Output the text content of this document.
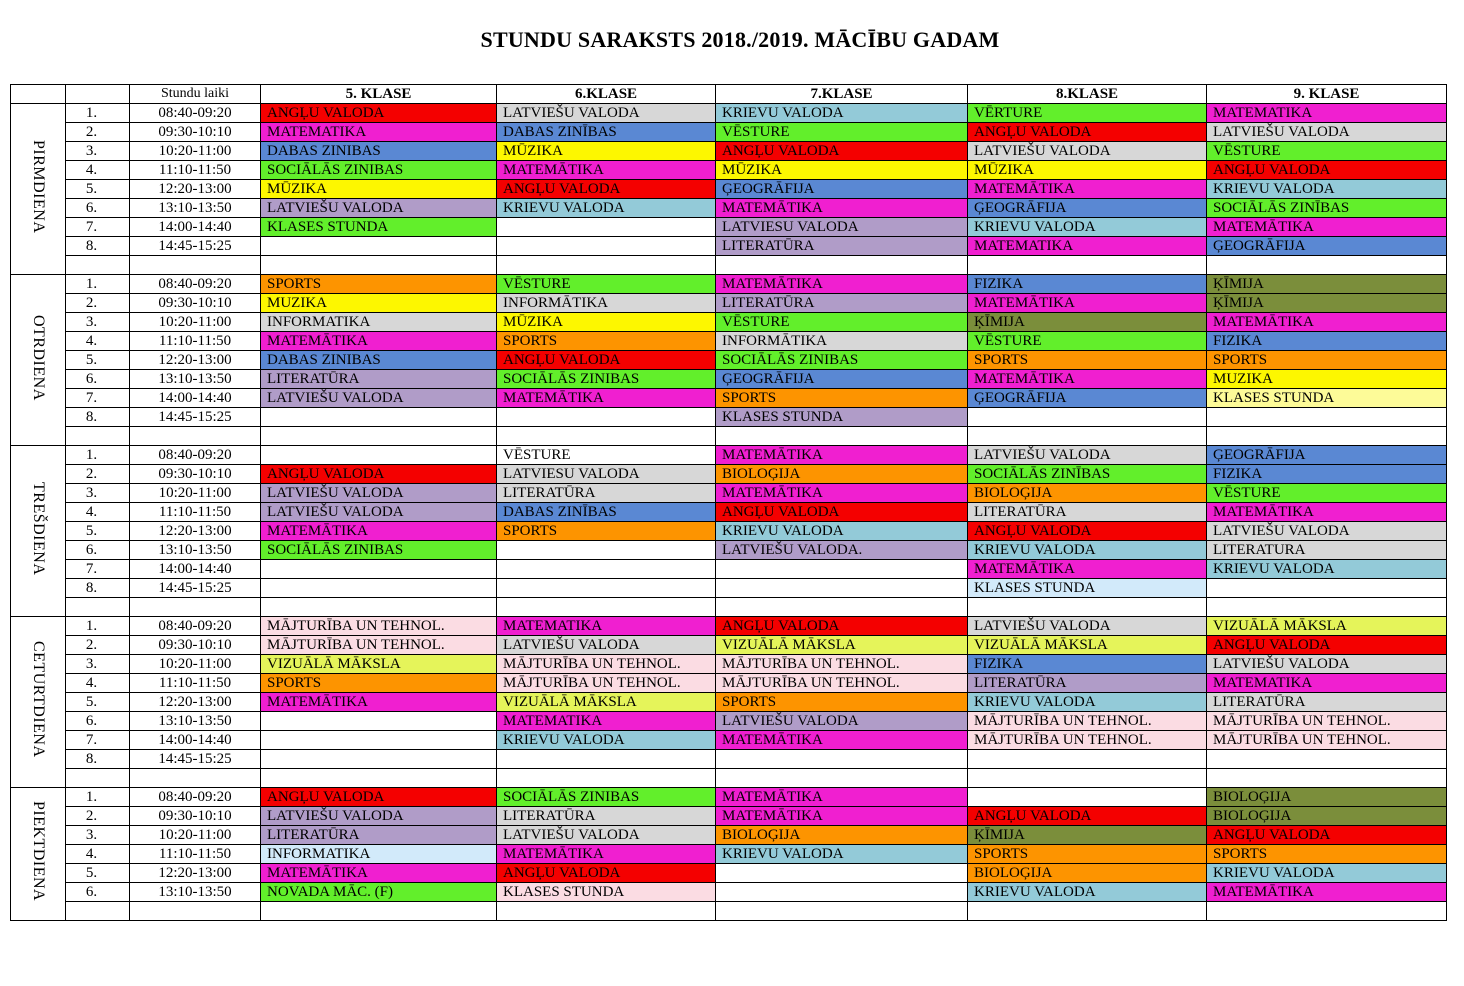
STUNDU SARAKSTS 2018./2019. MĀCĪBU GADAM
		Stundu laiki	5. KLASE	6.KLASE	7.KLASE	8.KLASE	9. KLASE
PIRMDIENA	1.	08:40-09:20	ANGĻU VALODA	LATVIEŠU VALODA	KRIEVU VALODA	VĒRTURE	MATEMATIKA
	2.	09:30-10:10	MATEMATIKA	DABAS ZINĪBAS	VĒSTURE	ANGĻU VALODA	LATVIEŠU VALODA
	3.	10:20-11:00	DABAS ZINIBAS	MŪZIKA	ANGĻU VALODA	LATVIEŠU VALODA	VĒSTURE
	4.	11:10-11:50	SOCIĀLĀS ZINIBAS	MATEMĀTIKA	MŪZIKA	MŪZIKA	ANGĻU VALODA
	5.	12:20-13:00	MŪZIKA	ANGĻU VALODA	ĢEOGRĀFIJA	MATEMĀTIKA	KRIEVU VALODA
	6.	13:10-13:50	LATVIEŠU VALODA	KRIEVU VALODA	MATEMĀTIKA	ĢEOGRĀFIJA	SOCIĀLĀS ZINĪBAS
	7.	14:00-14:40	KLASES STUNDA		LATVIESU VALODA	KRIEVU VALODA	MATEMĀTIKA
	8.	14:45-15:25			LITERATŪRA	MATEMATIKA	ĢEOGRĀFIJA

OTRDIENA	1.	08:40-09:20	SPORTS	VĒSTURE	MATEMĀTIKA	FIZIKA	ĶĪMIJA
	2.	09:30-10:10	MUZIKA	INFORMĀTIKA	LITERATŪRA	MATEMĀTIKA	ĶĪMIJA
	3.	10:20-11:00	INFORMATIKA	MŪZIKA	VĒSTURE	ĶĪMIJA	MATEMĀTIKA
	4.	11:10-11:50	MATEMĀTIKA	SPORTS	INFORMĀTIKA	VĒSTURE	FIZIKA
	5.	12:20-13:00	DABAS ZINIBAS	ANGĻU VALODA	SOCIĀLĀS ZINIBAS	SPORTS	SPORTS
	6.	13:10-13:50	LITERATŪRA	SOCIĀLĀS ZINIBAS	ĢEOGRĀFIJA	MATEMĀTIKA	MUZIKA
	7.	14:00-14:40	LATVIEŠU VALODA	MATEMĀTIKA	SPORTS	ĢEOGRĀFIJA	KLASES STUNDA
	8.	14:45-15:25			KLASES STUNDA		

TREŠDIENA	1.	08:40-09:20		VĒSTURE	MATEMĀTIKA	LATVIEŠU VALODA	ĢEOGRĀFIJA
	2.	09:30-10:10	ANGĻU VALODA	LATVIESU VALODA	BIOLOĢIJA	SOCIĀLĀS ZINĪBAS	FIZIKA
	3.	10:20-11:00	LATVIEŠU VALODA	LITERATŪRA	MATEMĀTIKA	BIOLOĢIJA	VĒSTURE
	4.	11:10-11:50	LATVIEŠU VALODA	DABAS ZINĪBAS	ANGĻU VALODA	LITERATŪRA	MATEMĀTIKA
	5.	12:20-13:00	MATEMĀTIKA	SPORTS	KRIEVU VALODA	ANGĻU VALODA	LATVIEŠU VALODA
	6.	13:10-13:50	SOCIĀLĀS ZINIBAS		LATVIEŠU VALODA.	KRIEVU VALODA	LITERATURA
	7.	14:00-14:40				MATEMĀTIKA	KRIEVU VALODA
	8.	14:45-15:25				KLASES STUNDA	

CETURTDIENA	1.	08:40-09:20	MĀJTURĪBA UN TEHNOL.	MATEMATIKA	ANGĻU VALODA	LATVIEŠU VALODA	VIZUĀLĀ MĀKSLA
	2.	09:30-10:10	MĀJTURĪBA UN TEHNOL.	LATVIEŠU VALODA	VIZUĀLĀ MĀKSLA	VIZUĀLĀ MĀKSLA	ANGĻU VALODA
	3.	10:20-11:00	VIZUĀLĀ MĀKSLA	MĀJTURĪBA UN TEHNOL.	MĀJTURĪBA UN TEHNOL.	FIZIKA	LATVIEŠU VALODA
	4.	11:10-11:50	SPORTS	MĀJTURĪBA UN TEHNOL.	MĀJTURĪBA UN TEHNOL.	LITERATŪRA	MATEMATIKA
	5.	12:20-13:00	MATEMĀTIKA	VIZUĀLĀ MĀKSLA	SPORTS	KRIEVU VALODA	LITERATŪRA
	6.	13:10-13:50		MATEMATIKA	LATVIEŠU VALODA	MĀJTURĪBA UN TEHNOL.	MĀJTURĪBA UN TEHNOL.
	7.	14:00-14:40		KRIEVU VALODA	MATEMĀTIKA	MĀJTURĪBA UN TEHNOL.	MĀJTURĪBA UN TEHNOL.
	8.	14:45-15:25					

PIEKTDIENA	1.	08:40-09:20	ANGĻU VALODA	SOCIĀLĀS ZINIBAS	MATEMĀTIKA		BIOLOĢIJA
	2.	09:30-10:10	LATVIEŠU VALODA	LITERATŪRA	MATEMĀTIKA	ANGĻU VALODA	BIOLOĢIJA
	3.	10:20-11:00	LITERATŪRA	LATVIEŠU VALODA	BIOLOĢIJA	ĶĪMIJA	ANGĻU VALODA
	4.	11:10-11:50	INFORMATIKA	MATEMĀTIKA	KRIEVU VALODA	SPORTS	SPORTS
	5.	12:20-13:00	MATEMĀTIKA	ANGĻU VALODA		BIOLOĢIJA	KRIEVU VALODA
	6.	13:10-13:50	NOVADA MĀC. (F)	KLASES STUNDA		KRIEVU VALODA	MATEMĀTIKA
